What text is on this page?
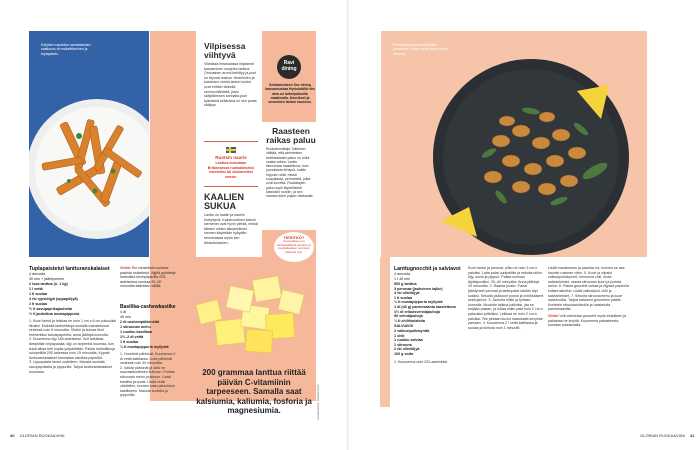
Erityisen rapeiden ranskalaisten salaisuus on esikeittäminen ja tuplapaisto.
Vilpisessa
viihtyvä
Viileässä ilmanalassa hiljaisesti kasvaminen suojelee lanttua. Ominainen aromi kehittyy ja juuri on täynnä makua. Hedelmien ja kasvisten ohella lantun kuidut ovat erittäin tärkeitä ravinnonlähteitä, joten säilyttämisen kannalta juuri kylmässä kellarissa on sen paras säilytys.
Ruotsin nauris
Lanttua kutsutaan Britanniassa ruotsalaiseksi naurisiksi tai skotlanniksi swede.
KAALIEN
SUKUA
Lanttu on kaalin ja nauriin risteytymä. Kaksivuotinen kasvin siemenet ovat hyvin pieniä, minkä tähden niiden alkuperäinen siemen käytetään nykyään ravintolassa myös sen lähisukulaisten.
Ravi
dining
Sekalaisinteen fine dining kansanruokaa Hyvinkäällä niin aina on laituripaikoilla maailmalla. Kasvikset ja sesonkien lantun kauneus.
Raasteen
raikas paluu
Ruokatoimittaja Tolkkinen väittää, että perinteisen lanttusalaatin paluu on tullut osaksi arkea. Lanttu kiinnostaa raastettuna, kuin juureksista tehtynä, kaikki riippuen siitä, missä suupalasta, pehmeistä, jotka ovat tuoreita. Ruokalajien paluu sopii täydellisesti klassisiin ruokiin, ja sen mausta tulee paljon raikkautta.
TIESITKÖ?
Suomalaisen on lanttulaatikkoa jouluna, ja keskiaikaisten perinteet jatkuvat yhä.
Tuplapaistetut lantturanskalaiset
4 annosta
30 min + jäähtyminen
2 isoa lanttua (n. 1 kg)
1 l vettä
1 tl suolaa
4 rkl rypsiöljyä (oppapöljyä)
1 tl suolaa
½ tl savupaprikajauhetta
½ tl jauhettua mustapippuria
1. Kuori lantut ja leikkaa ne noin 1 cm x 6 cm paksuiksi tikuiksi. Esikeitä lanttutikkuja suolalla maustetussa vedessä noin 5 minuuttia. Siivilöi ja kuivaa tikut esimerkiksi talouspaperilla, anna jäähtyä kunnolla.
2. Kuumenna öljy 180-asteiseksi. Voit tarkistaa lämpötilan leipäpalalla: öljy on tarpeeksi kuumaa, kun leipä alkaa heti kuplia ympäriltään. Paista lanttutikkuja uunipellillä 200 asteessa noin 15 minuuttia. Kypsät lantturanskalaiset kannattaa valuttaa paperilla.
3. Uppopaista lantut uudelleen. Mausta suolalla, savupaprikalla ja pippurilla. Tarjoa lantturanskalaiset kuumana.
Vinkki Tee ranskikset uunissa: paahda esikeitetyt, öljyllä pyöritetyt lanttutikut leivinpaperilla 225-asteisessa uunissa 20–30 minuuttia kääntäen välillä.
Basilika-cashewkastike
4 dl
40 min
2 dl cashewpähkinöitä
1 sitruunan mehu
1 ruukku basilikaa
1½–2 dl vettä
1 tl suolaa
¼ tl mustapippuria myllystä
1. Huuhtele pähkinät. Kuumenna 2 dl vettä kattilassa. Liota pähkinät vedessä noin 30 minuuttia.
2. Valuta pähkinät ja laita ne sauvasekoittimen kulhoon. Purista sitruunan mehu joukkoon. Lisää basilika ja suola. Lisää vettä vähitellen, kunnes saat paksuhkon kastikkeen. Mausta suolalla ja pippurilla.
200 grammaa lanttua riittää päivän C-vitamiinin tarpeeseen. Samalla saat kalsiumia, kaliumia, fosforia ja magnesiumia.	Lanttukuutiot: Shutterstock
40 GLORIAN RUOKA&VIINI
Perinteiset gnocchit tehdään perunasta, mutta myös lanttu toimii hienosti.
Lanttugnocchit ja salviavoi
4 annosta
1 t 40 min
500 g lanttua
3 perunaa (jauhoinen lajike)
4 rkl oliiviöljyä
1 tl suolaa
¼ tl mustapippuria myllystä
1 dl (40 g) parmesaania raastettuna
1½ dl erikoisvehnäjauhoja
50 vehnäjauhoja
¼ tl chilihiutaleita
SALVIAVOI
2 valkosipulinkynttä
1 chili
1 ruukku salviaa
1 sitruuna
2 rkl oliiviöljyä
100 g voita
1. Kuumenna uuni 220-asteiseksi.
Kuori lantut ja perunat, pilko ne noin 3 cm:n paloiksi. Laita palat uunipellille ja sekoita niihin öljy, suola ja pippuri. Paista uunissa täyttäpuoliksi, 30–40 minuuttia. Anna jäähtyä 30 minuuttia. 2. Raasta juusto. Paina jäähtyneet perunat ja lanttupalat siivilän läpi sosiksi. Sekoita joukkoon juusto ja chilihiutaleet sekä jauhot. 3. Jauhota leikki ja työtaso kunnolla. Muotoile taikina palloiksi, jaa se neljään palaan, ja rullaa kukin pala noin 2 cm:n paksuiksi pötköiksi. Leikkaa ne noin 2 cm:n paloiksi. Tee pintaan kuviot haarukalla kevyesti painaen. 4. Kuumenna 2 l vettä kattilassa ja suolaa ja kiehuta noin 1 minuutti.
Lisää mausteseos ja paahda voi, kunnes se saa kauniin ruskean värin. 5. Kuori ja viipaloi valkosipulinkynnet, hienonna chili, irrota salvianlehdet, raasta sitruunan kuori ja purista mehu. 6. Paista gnocchit voissa ja öljyssä pannulla kullanruskeiksi. Lisää valkosipuli, chili ja salvianlehdet. 7. Sekoita sitruunamehu ja kuori salviavoiksi. Tarjoa salviavoi gnocchien päälle. Koristele sitruunalohkoilla ja raastetulla parmesaanilla.
Vinkki Voit valmistaa gnocchit myös etukäteen ja pakastaa ne levyllä. Kuumenna pakasteesta suoraan paistamalla.
GLORIAN RUOKA&VIINI 41
